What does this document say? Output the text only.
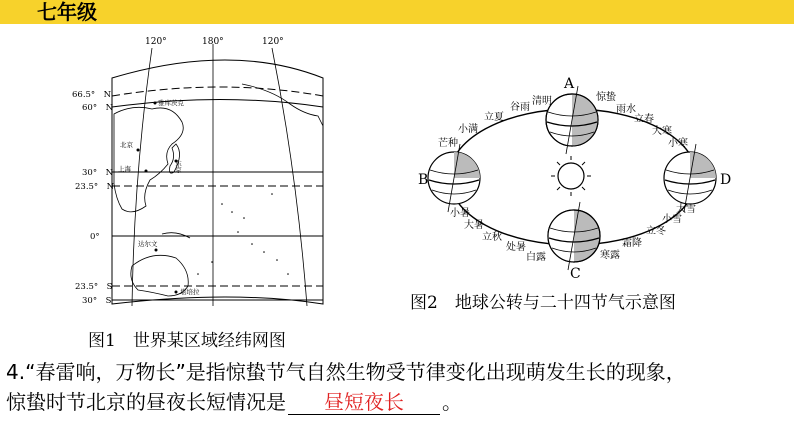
七年级
120°	180°	120°
66.5°　N
60°　N
30°　N
23.5°　N
0°
23.5°　S
30°　S
雅库茨克
北京
上海	东京
达尔文
堪培拉
图1　世界某区域经纬网图
A
B
C
D
惊蛰
雨水
立春
大寒
小寒
谷雨
清明
立夏
小满
芒种
小暑
大暑
立秋
处暑
白露	寒露
霜降
立冬
小雪
大雪
图2　地球公转与二十四节气示意图
4.“春雷响，万物长”是指惊蛰节气自然生物受节律变化出现萌发生长的现象，
惊蛰时节北京的昼夜长短情况是 昼短夜长 。
